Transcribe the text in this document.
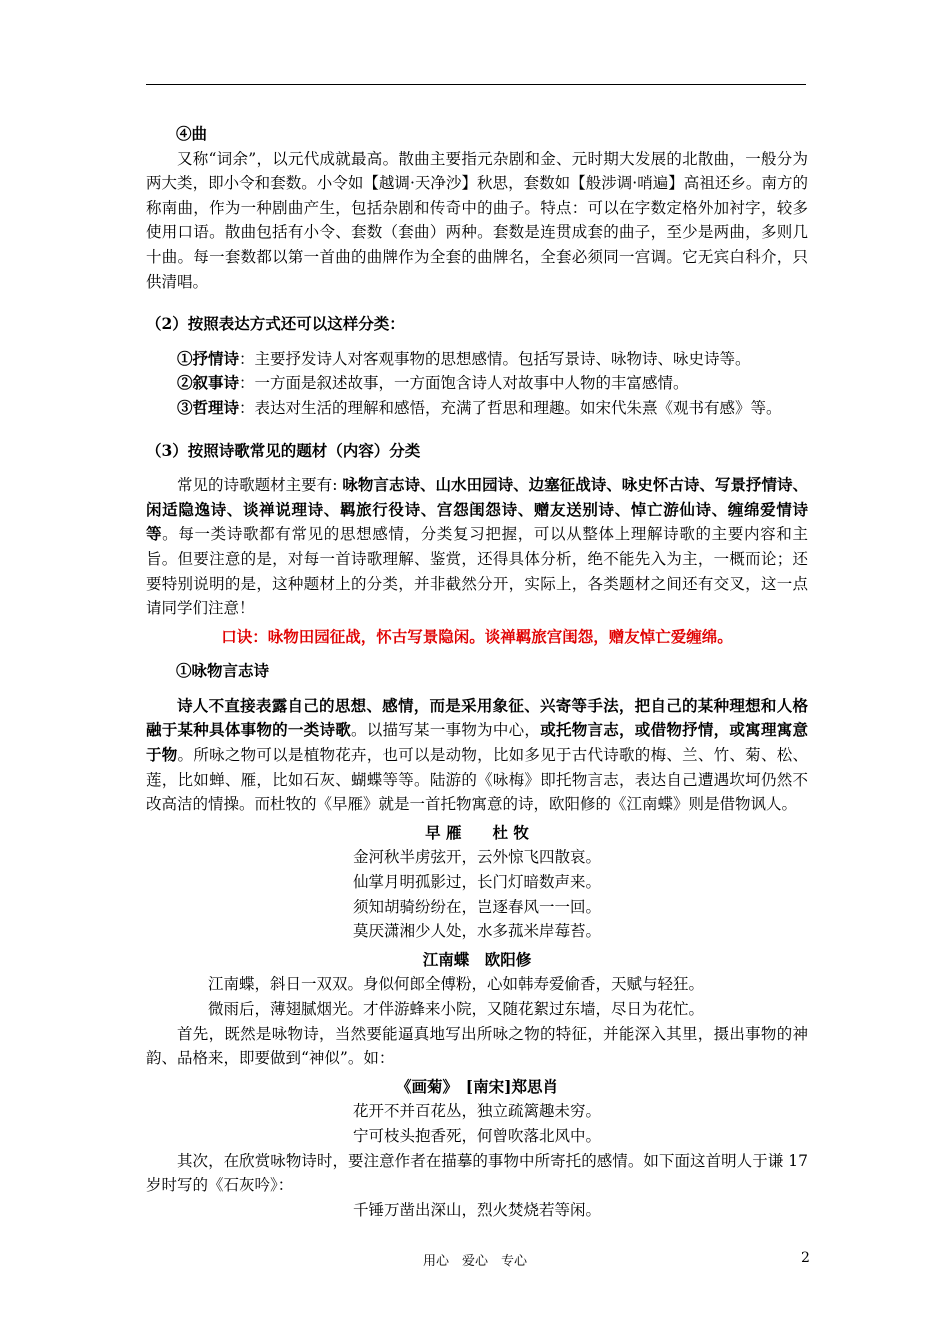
④曲

又称“词余”，以元代成就最高。散曲主要指元杂剧和金、元时期大发展的北散曲，一般分为两大类，即小令和套数。小令如【越调·天净沙】秋思，套数如【般涉调·哨遍】高祖还乡。南方的称南曲，作为一种剧曲产生，包括杂剧和传奇中的曲子。特点：可以在字数定格外加衬字，较多使用口语。散曲包括有小令、套数（套曲）两种。套数是连贯成套的曲子，至少是两曲，多则几十曲。每一套数都以第一首曲的曲牌作为全套的曲牌名，全套必须同一宫调。它无宾白科介，只供清唱。

（2）按照表达方式还可以这样分类：
①抒情诗：主要抒发诗人对客观事物的思想感情。包括写景诗、咏物诗、咏史诗等。
②叙事诗：一方面是叙述故事，一方面饱含诗人对故事中人物的丰富感情。
③哲理诗：表达对生活的理解和感悟，充满了哲思和理趣。如宋代朱熹《观书有感》等。
（3）按照诗歌常见的题材（内容）分类

常见的诗歌题材主要有: 咏物言志诗、山水田园诗、边塞征战诗、咏史怀古诗、写景抒情诗、闲适隐逸诗、谈禅说理诗、羁旅行役诗、宫怨闺怨诗、赠友送别诗、悼亡游仙诗、缠绵爱情诗等。每一类诗歌都有常见的思想感情，分类复习把握，可以从整体上理解诗歌的主要内容和主旨。但要注意的是，对每一首诗歌理解、鉴赏，还得具体分析，绝不能先入为主，一概而论；还要特别说明的是，这种题材上的分类，并非截然分开，实际上，各类题材之间还有交叉，这一点请同学们注意！

口诀：咏物田园征战，怀古写景隐闲。谈禅羁旅宫闺怨，赠友悼亡爱缠绵。
①咏物言志诗

诗人不直接表露自己的思想、感情，而是采用象征、兴寄等手法，把自己的某种理想和人格融于某种具体事物的一类诗歌。以描写某一事物为中心，或托物言志，或借物抒情，或寓理寓意于物。所咏之物可以是植物花卉，也可以是动物，比如多见于古代诗歌的梅、兰、竹、菊、松、莲，比如蝉、雁，比如石灰、蝴蝶等等。陆游的《咏梅》即托物言志，表达自己遭遇坎坷仍然不改高洁的情操。而杜牧的《早雁》就是一首托物寓意的诗，欧阳修的《江南蝶》则是借物讽人。

早 雁　　杜 牧
金河秋半虏弦开，云外惊飞四散哀。
仙掌月明孤影过，长门灯暗数声来。
须知胡骑纷纷在，岂逐春风一一回。
莫厌潇湘少人处，水多菰米岸莓苔。
江南蝶　欧阳修
江南蝶，斜日一双双。身似何郎全傅粉，心如韩寿爱偷香，天赋与轻狂。
微雨后，薄翅腻烟光。才伴游蜂来小院，又随花絮过东墙，尽日为花忙。

首先，既然是咏物诗，当然要能逼真地写出所咏之物的特征，并能深入其里，摄出事物的神韵、品格来，即要做到“神似”。如：

《画菊》　[南宋]郑思肖
花开不并百花丛，独立疏篱趣未穷。
宁可枝头抱香死，何曾吹落北风中。

其次，在欣赏咏物诗时，要注意作者在描摹的事物中所寄托的感情。如下面这首明人于谦 17 岁时写的《石灰吟》：

千锤万凿出深山，烈火焚烧若等闲。
用心　爱心　专心	2
